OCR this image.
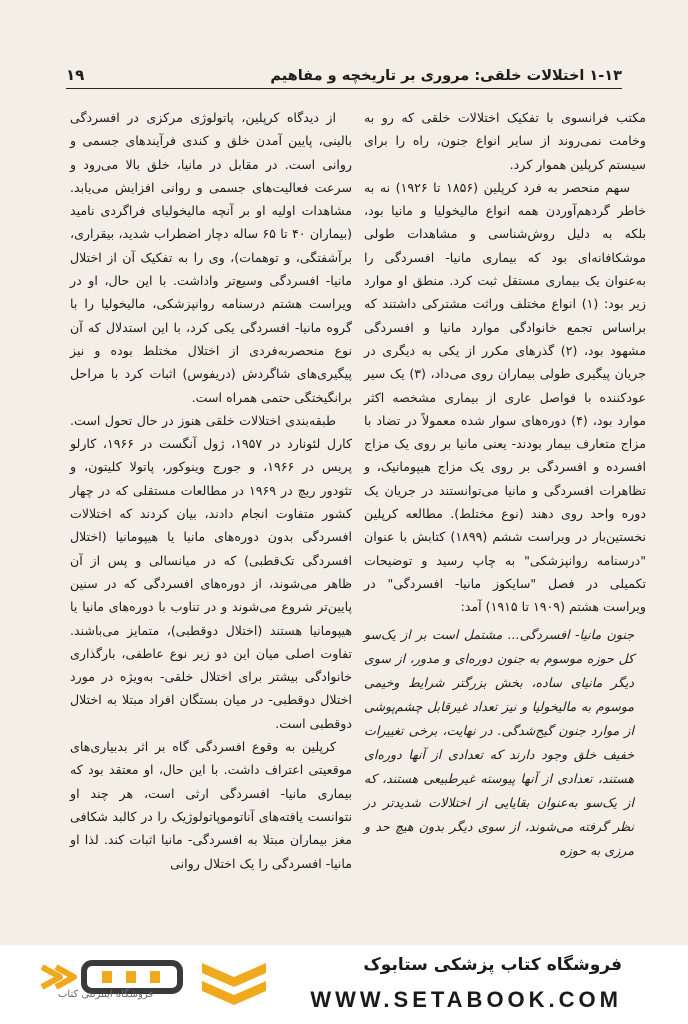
۱-۱۳ اختلالات خلقی: مروری بر تاریخچه و مفاهیم
۱۹

مکتب فرانسوی با تفکیک اختلالات خلقی که رو به وخامت نمی‌روند از سایر انواع جنون، راه را برای سیستم کرپلین هموار کرد.

سهم منحصر به فرد کرپلین (۱۸۵۶ تا ۱۹۲۶) نه به خاطر گردهم‌آوردن همه انواع مالیخولیا و مانیا بود، بلکه به دلیل روش‌شناسی و مشاهدات طولی موشکافانه‌ای بود که بیماری مانیا- افسردگی را به‌عنوان یک بیماری مستقل ثبت کرد. منطق او موارد زیر بود: (۱) انواع مختلف وراثت مشترکی داشتند که براساس تجمع خانوادگی موارد مانیا و افسردگی مشهود بود، (۲) گذرهای مکرر از یکی به دیگری در جریان پیگیری طولی بیماران روی می‌داد، (۳) یک سیر عودکننده با فواصل عاری از بیماری مشخصه اکثر موارد بود، (۴) دوره‌های سوار شده معمولاً در تضاد با مزاج متعارف بیمار بودند- یعنی مانیا بر روی یک مزاج افسرده و افسردگی بر روی یک مزاج هیپومانیک، و تظاهرات افسردگی و مانیا می‌توانستند در جریان یک دوره واحد روی دهند (نوع مختلط). مطالعه کرپلین نخستین‌بار در ویراست ششم (۱۸۹۹) کتابش با عنوان "درسنامه روانپزشکی" به چاپ رسید و توضیحات تکمیلی در فصل "سایکوز مانیا- افسردگی" در ویراست هشتم (۱۹۰۹ تا ۱۹۱۵) آمد:

جنون مانیا- افسردگی... مشتمل است بر از یک‌سو کل حوزه موسوم به جنون دوره‌ای و مدور، از سوی دیگر مانیای ساده، بخش بزرگتر شرایط وخیمی موسوم به مالیخولیا و نیز تعداد غیرقابل چشم‌پوشی از موارد جنون گیج‌شدگی. در نهایت، برخی تغییرات خفیف خلق وجود دارند که تعدادی از آنها دوره‌ای هستند، تعدادی از آنها پیوسته غیرطبیعی هستند، که از یک‌سو به‌عنوان بقایایی از اختلالات شدیدتر در نظر گرفته می‌شوند، از سوی دیگر بدون هیچ حد و مرزی به حوزه

از دیدگاه کرپلین، پاتولوژی مرکزی در افسردگی بالینی، پایین آمدن خلق و کندی فرآیندهای جسمی و روانی است. در مقابل در مانیا، خلق بالا می‌رود و سرعت فعالیت‌های جسمی و روانی افزایش می‌یابد. مشاهدات اولیه او بر آنچه مالیخولیای فراگردی نامید (بیماران ۴۰ تا ۶۵ ساله دچار اضطراب شدید، بیقراری، برآشفتگی، و توهمات)، وی را به تفکیک آن از اختلال مانیا- افسردگی وسیع‌تر واداشت. با این حال، او در ویراست هشتم درسنامه روانپزشکی، مالیخولیا را با گروه مانیا- افسردگی یکی کرد، با این استدلال که آن نوع منحصربه‌فردی از اختلال مختلط بوده و نیز پیگیری‌های شاگردش (دریفوس) اثبات کرد با مراحل برانگیختگی حتمی همراه است.

طبقه‌بندی اختلالات خلقی هنوز در حال تحول است. کارل لئونارد در ۱۹۵۷، ژول آنگست در ۱۹۶۶، کارلو پریس در ۱۹۶۶، و جورج وینوکور، پاتولا کلیتون، و تئودور ریچ در ۱۹۶۹ در مطالعات مستقلی که در چهار کشور متفاوت انجام دادند، بیان کردند که اختلالات افسردگی بدون دوره‌های مانیا یا هیپومانیا (اختلال افسردگی تک‌قطبی) که در میانسالی و پس از آن ظاهر می‌شوند، از دوره‌های افسردگی که در سنین پایین‌تر شروع می‌شوند و در تناوب با دوره‌های مانیا یا هیپومانیا هستند (اختلال دوقطبی)، متمایز می‌باشند. تفاوت اصلی میان این دو زیر نوع عاطفی، بارگذاری خانوادگی بیشتر برای اختلال خلقی- به‌ویژه در مورد اختلال دوقطبی- در میان بستگان افراد مبتلا به اختلال دوقطبی است.

کرپلین به وقوع افسردگی گاه بر اثر بدبیاری‌های موقعیتی اعتراف داشت. با این حال، او معتقد بود که بیماری مانیا- افسردگی ارثی است، هر چند او نتوانست یافته‌های آناتومو‌پاتولوژیک را در کالبد شکافی مغز بیماران مبتلا به افسردگی- مانیا اثبات کند. لذا او مانیا- افسردگی را یک اختلال روانی

فروشگاه اینترنتی کتاب
فروشگاه کتاب پزشکی ستابوک
WWW.SETABOOK.COM
